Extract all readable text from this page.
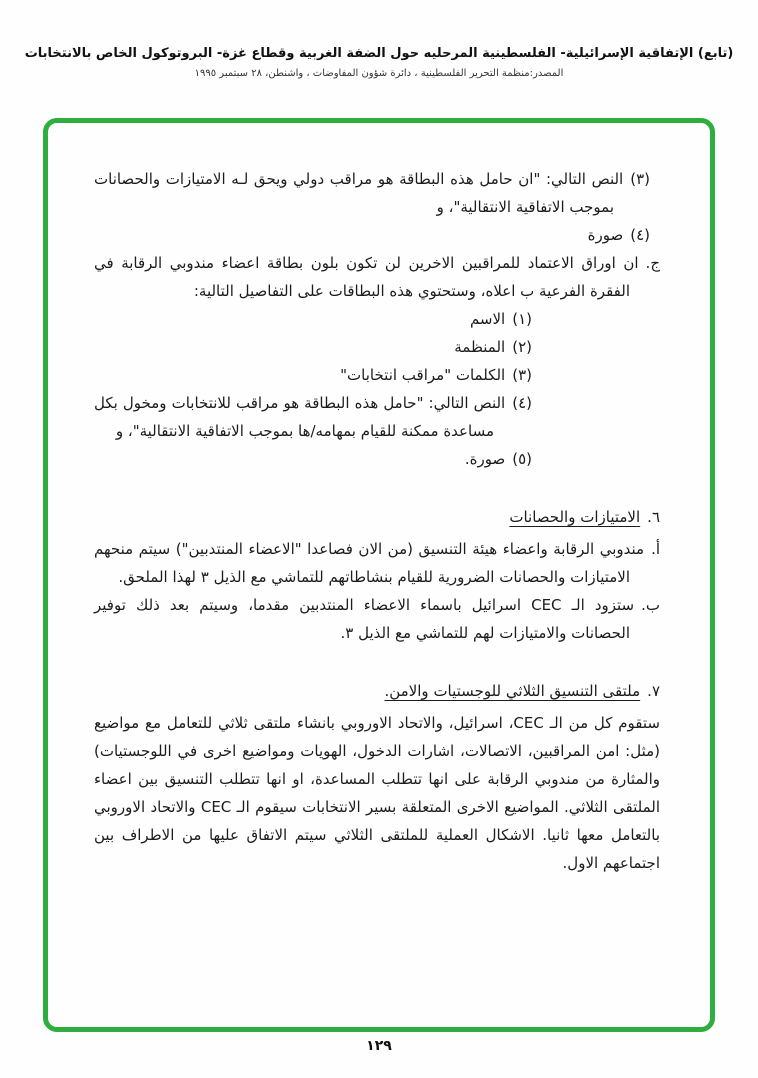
(تابع) الإتفاقية الإسرائيلية- الفلسطينية المرحليه حول الضفة الغربية وقطاع غزة- البروتوكول الخاص بالانتخابات
المصدر:منظمة التحرير الفلسطينية ، دائرة شؤون المفاوضات ، واشنطن، ٢٨ سبتمبر ١٩٩٥
(٣)النص التالي: "ان حامل هذه البطاقة هو مراقب دولي ويحق لـه الامتيازات والحصانات بموجب الاتفاقية الانتقالية"، و
(٤)صورة
ج.ان اوراق الاعتماد للمراقبين الاخرين لن تكون بلون بطاقة اعضاء مندوبي الرقابة في الفقرة الفرعية ب اعلاه، وستحتوي هذه البطاقات على التفاصيل التالية:
(١)الاسم
(٢)المنظمة
(٣)الكلمات "مراقب انتخابات"
(٤)النص التالي: "حامل هذه البطاقة هو مراقب للانتخابات ومخول بكل مساعدة ممكنة للقيام بمهامه/ها بموجب الاتفاقية الانتقالية"، و
(٥)صورة.
٦.الامتيازات والحصانات
أ.مندوبي الرقابة واعضاء هيئة التنسيق (من الان فصاعدا "الاعضاء المنتدبين") سيتم منحهم الامتيازات والحصانات الضرورية للقيام بنشاطاتهم للتماشي مع الذيل ٣ لهذا الملحق.
ب.ستزود الـ CEC اسرائيل باسماء الاعضاء المنتدبين مقدما، وسيتم بعد ذلك توفير الحصانات والامتيازات لهم للتماشي مع الذيل ٣.
٧.ملتقى التنسيق الثلاثي للوجستيات والامن.
ستقوم كل من الـ CEC، اسرائيل، والاتحاد الاوروبي بانشاء ملتقى ثلاثي للتعامل مع مواضيع (مثل: امن المراقبين، الاتصالات، اشارات الدخول، الهويات ومواضيع اخرى في اللوجستيات) والمثارة من مندوبي الرقابة على انها تتطلب المساعدة، او انها تتطلب التنسيق بين اعضاء الملتقى الثلاثي. المواضيع الاخرى المتعلقة بسير الانتخابات سيقوم الـ CEC والاتحاد الاوروبي بالتعامل معها ثانيا. الاشكال العملية للملتقى الثلاثي سيتم الاتفاق عليها من الاطراف بين اجتماعهم الاول.
١٢٩
